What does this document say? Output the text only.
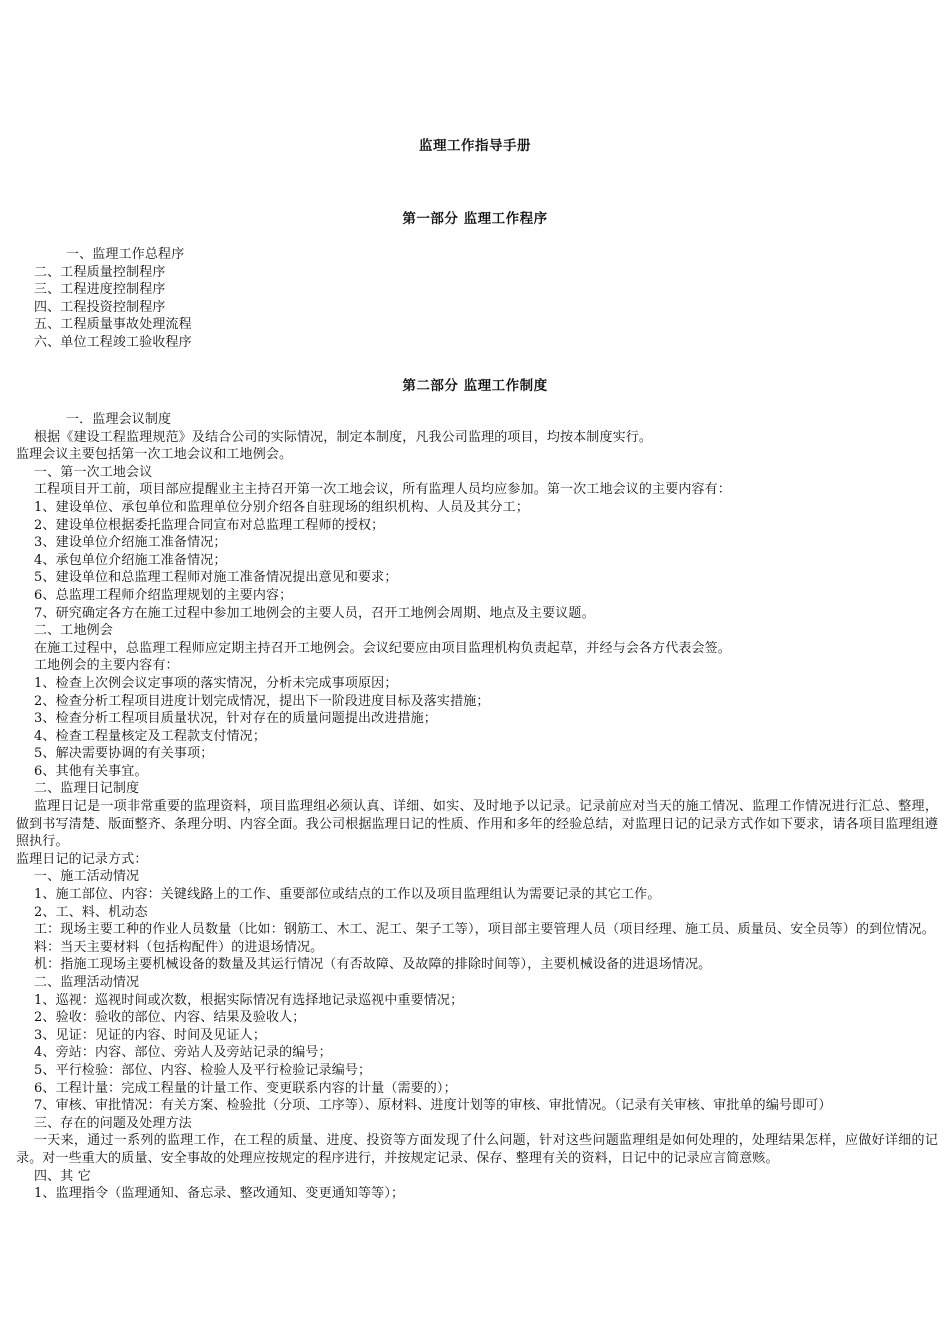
监理工作指导手册
第一部分 监理工作程序
一、监理工作总程序
二、工程质量控制程序
三、工程进度控制程序
四、工程投资控制程序
五、工程质量事故处理流程
六、单位工程竣工验收程序
第二部分 监理工作制度
一．监理会议制度
根据《建设工程监理规范》及结合公司的实际情况，制定本制度，凡我公司监理的项目，均按本制度实行。
监理会议主要包括第一次工地会议和工地例会。
一、第一次工地会议
工程项目开工前，项目部应提醒业主主持召开第一次工地会议，所有监理人员均应参加。第一次工地会议的主要内容有：
1、建设单位、承包单位和监理单位分别介绍各自驻现场的组织机构、人员及其分工；
2、建设单位根据委托监理合同宣布对总监理工程师的授权；
3、建设单位介绍施工准备情况；
4、承包单位介绍施工准备情况；
5、建设单位和总监理工程师对施工准备情况提出意见和要求；
6、总监理工程师介绍监理规划的主要内容；
7、研究确定各方在施工过程中参加工地例会的主要人员，召开工地例会周期、地点及主要议题。
二、工地例会
在施工过程中，总监理工程师应定期主持召开工地例会。会议纪要应由项目监理机构负责起草，并经与会各方代表会签。
工地例会的主要内容有：
1、检查上次例会议定事项的落实情况，分析未完成事项原因；
2、检查分析工程项目进度计划完成情况，提出下一阶段进度目标及落实措施；
3、检查分析工程项目质量状况，针对存在的质量问题提出改进措施；
4、检查工程量核定及工程款支付情况；
5、解决需要协调的有关事项；
6、其他有关事宜。
二、监理日记制度
监理日记是一项非常重要的监理资料，项目监理组必须认真、详细、如实、及时地予以记录。记录前应对当天的施工情况、监理工作情况进行汇总、整理，做到书写清楚、版面整齐、条理分明、内容全面。我公司根据监理日记的性质、作用和多年的经验总结，对监理日记的记录方式作如下要求，请各项目监理组遵照执行。
监理日记的记录方式：
一、施工活动情况
1、施工部位、内容：关键线路上的工作、重要部位或结点的工作以及项目监理组认为需要记录的其它工作。
2、工、料、机动态
工：现场主要工种的作业人员数量（比如：钢筋工、木工、泥工、架子工等），项目部主要管理人员（项目经理、施工员、质量员、安全员等）的到位情况。
料：当天主要材料（包括构配件）的进退场情况。
机：指施工现场主要机械设备的数量及其运行情况（有否故障、及故障的排除时间等），主要机械设备的进退场情况。
二、监理活动情况
1、巡视：巡视时间或次数，根据实际情况有选择地记录巡视中重要情况；
2、验收：验收的部位、内容、结果及验收人；
3、见证：见证的内容、时间及见证人；
4、旁站：内容、部位、旁站人及旁站记录的编号；
5、平行检验：部位、内容、检验人及平行检验记录编号；
6、工程计量：完成工程量的计量工作、变更联系内容的计量（需要的）；
7、审核、审批情况：有关方案、检验批（分项、工序等）、原材料、进度计划等的审核、审批情况。（记录有关审核、审批单的编号即可）
三、存在的问题及处理方法
一天来，通过一系列的监理工作，在工程的质量、进度、投资等方面发现了什么问题，针对这些问题监理组是如何处理的，处理结果怎样，应做好详细的记录。对一些重大的质量、安全事故的处理应按规定的程序进行，并按规定记录、保存、整理有关的资料，日记中的记录应言简意赅。
四、其 它
1、监理指令（监理通知、备忘录、整改通知、变更通知等等）；
